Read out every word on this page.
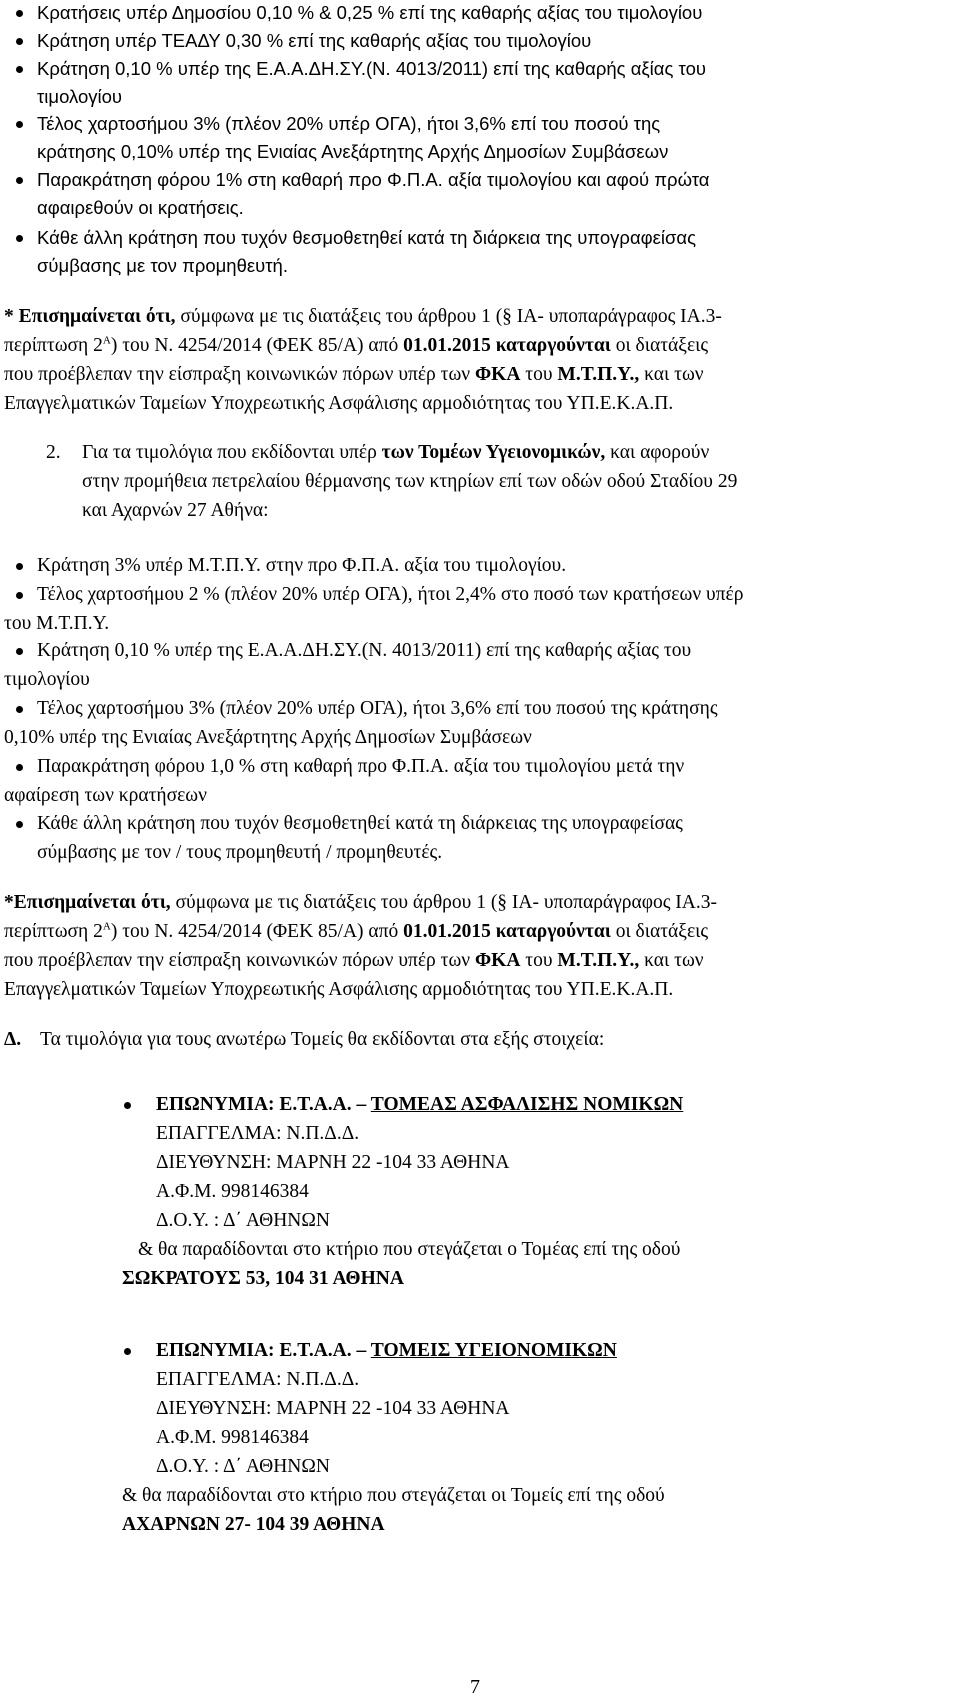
Κρατήσεις υπέρ Δημοσίου 0,10 % & 0,25 % επί της καθαρής αξίας του τιμολογίου
Κράτηση υπέρ ΤΕΑΔΥ 0,30 % επί της καθαρής αξίας του τιμολογίου
Κράτηση 0,10 % υπέρ της Ε.Α.Α.ΔΗ.ΣΥ.(Ν. 4013/2011) επί της καθαρής αξίας του
τιμολογίου
Τέλος χαρτοσήμου 3% (πλέον 20% υπέρ ΟΓΑ), ήτοι 3,6% επί του ποσού της
κράτησης 0,10% υπέρ της Ενιαίας Ανεξάρτητης Αρχής Δημοσίων Συμβάσεων
Παρακράτηση φόρου 1% στη καθαρή προ Φ.Π.Α. αξία τιμολογίου και αφού πρώτα
αφαιρεθούν οι κρατήσεις.
Κάθε άλλη κράτηση που τυχόν θεσμοθετηθεί κατά τη διάρκεια της υπογραφείσας
σύμβασης με τον προμηθευτή.
* Επισημαίνεται ότι, σύμφωνα με τις διατάξεις του άρθρου 1 (§ ΙΑ- υποπαράγραφος ΙΑ.3-
περίπτωση $2^A$) του Ν. 4254/2014 (ΦΕΚ 85/Α) από 01.01.2015 καταργούνται οι διατάξεις
που προέβλεπαν την είσπραξη κοινωνικών πόρων υπέρ των ΦΚΑ του Μ.Τ.Π.Υ., και των
Επαγγελματικών Ταμείων Υποχρεωτικής Ασφάλισης αρμοδιότητας του ΥΠ.Ε.Κ.Α.Π.
2. Για τα τιμολόγια που εκδίδονται υπέρ των Τομέων Υγειονομικών, και αφορούν
στην προμήθεια πετρελαίου θέρμανσης των κτηρίων επί των οδών οδού Σταδίου 29
και Αχαρνών 27 Αθήνα:
Κράτηση 3% υπέρ Μ.Τ.Π.Υ. στην προ Φ.Π.Α. αξία του τιμολογίου.
Τέλος χαρτοσήμου 2 % (πλέον 20% υπέρ ΟΓΑ), ήτοι 2,4% στο ποσό των κρατήσεων υπέρ
του Μ.Τ.Π.Υ.
Κράτηση 0,10 % υπέρ της Ε.Α.Α.ΔΗ.ΣΥ.(Ν. 4013/2011) επί της καθαρής αξίας του
τιμολογίου
Τέλος χαρτοσήμου 3% (πλέον 20% υπέρ ΟΓΑ), ήτοι 3,6% επί του ποσού της κράτησης
0,10% υπέρ της Ενιαίας Ανεξάρτητης Αρχής Δημοσίων Συμβάσεων
Παρακράτηση φόρου 1,0 % στη καθαρή προ Φ.Π.Α. αξία του τιμολογίου μετά την
αφαίρεση των κρατήσεων
Κάθε άλλη κράτηση που τυχόν θεσμοθετηθεί κατά τη διάρκειας της υπογραφείσας
σύμβασης με τον / τους προμηθευτή / προμηθευτές.
*Επισημαίνεται ότι, σύμφωνα με τις διατάξεις του άρθρου 1 (§ ΙΑ- υποπαράγραφος ΙΑ.3-
περίπτωση $2^A$) του Ν. 4254/2014 (ΦΕΚ 85/Α) από 01.01.2015 καταργούνται οι διατάξεις
που προέβλεπαν την είσπραξη κοινωνικών πόρων υπέρ των ΦΚΑ του Μ.Τ.Π.Υ., και των
Επαγγελματικών Ταμείων Υποχρεωτικής Ασφάλισης αρμοδιότητας του ΥΠ.Ε.Κ.Α.Π.
Δ. Τα τιμολόγια για τους ανωτέρω Τομείς θα εκδίδονται στα εξής στοιχεία:
ΕΠΩΝΥΜΙΑ: Ε.Τ.Α.Α. – ΤΟΜΕΑΣ ΑΣΦΑΛΙΣΗΣ ΝΟΜΙΚΩΝ
ΕΠΑΓΓΕΛΜΑ: Ν.Π.Δ.Δ.
ΔΙΕΥΘΥΝΣΗ: ΜΑΡΝΗ 22 -104 33 ΑΘΗΝΑ
Α.Φ.Μ. 998146384
Δ.Ο.Υ. : Δ΄ ΑΘΗΝΩΝ
& θα παραδίδονται στο κτήριο που στεγάζεται ο Τομέας επί της οδού
ΣΩΚΡΑΤΟΥΣ 53, 104 31 ΑΘΗΝΑ
ΕΠΩΝΥΜΙΑ: Ε.Τ.Α.Α. – ΤΟΜΕΙΣ ΥΓΕΙΟΝΟΜΙΚΩΝ
ΕΠΑΓΓΕΛΜΑ: Ν.Π.Δ.Δ.
ΔΙΕΥΘΥΝΣΗ: ΜΑΡΝΗ 22 -104 33 ΑΘΗΝΑ
Α.Φ.Μ. 998146384
Δ.Ο.Υ. : Δ΄ ΑΘΗΝΩΝ
& θα παραδίδονται στο κτήριο που στεγάζεται οι Τομείς επί της οδού
ΑΧΑΡΝΩΝ 27- 104 39 ΑΘΗΝΑ
7
